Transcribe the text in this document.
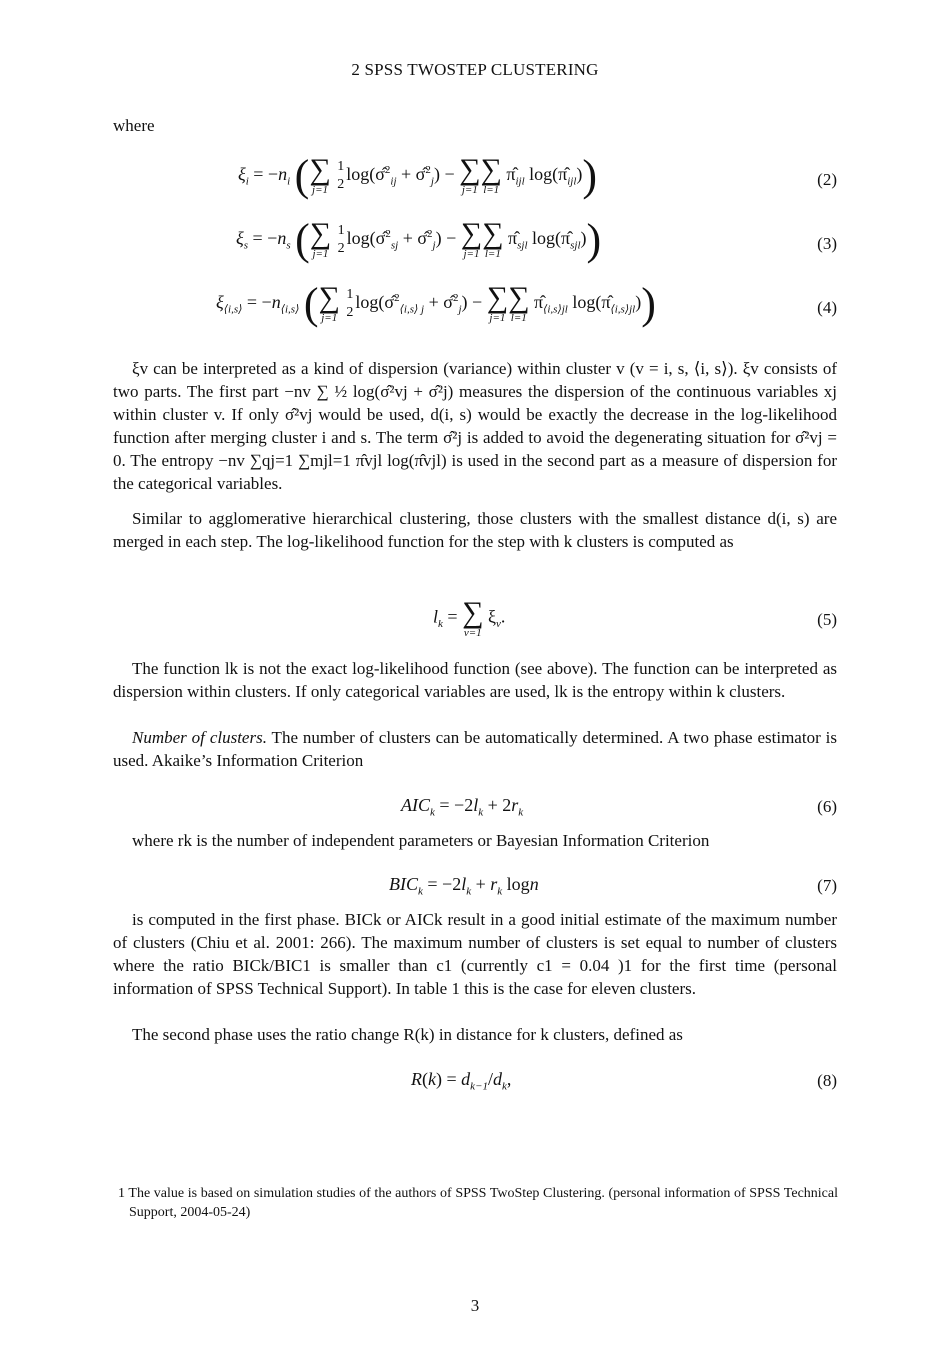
2 SPSS TWOSTEP CLUSTERING
where
$\xi_i = -n_i$ ( ∑
j=1
1
2log(σ̂$^2_{ij}$ + σ̂$^2_j$) − ∑
j=1
∑
l=1
$\pî_{ijl}$ $\log(\pî_{ijl})$)	(2)
$\xi_s = -n_s$ ( ∑
j=1
1
2log(σ̂$^2_{sj}$ + σ̂$^2_j$) − ∑
j=1
∑
l=1
$\pî_{sjl}$ $\log(\pî_{sjl})$)	(3)
$\xi_{⟨i,s⟩} = -n_{⟨i,s⟩}$ ( ∑
j=1
1
2log(σ̂$^2_{⟨i,s⟩ j}$ + σ̂$^2_j$) − ∑
j=1
∑
l=1
$\pî_{⟨i,s⟩jl}$ $\log(\pî_{⟨i,s⟩jl})$)	(4)
ξv can be interpreted as a kind of dispersion (variance) within cluster v (v = i, s, ⟨i, s⟩). ξv consists of two parts. The first part −nv ∑ ½ log(σ̂²vj + σ̂²j) measures the dispersion of the continuous variables xj within cluster v. If only σ̂²vj would be used, d(i, s) would be exactly the decrease in the log-likelihood function after merging cluster i and s. The term σ̂²j is added to avoid the degenerating situation for σ̂²vj = 0. The entropy −nv ∑qj=1 ∑mjl=1 π̂vjl log(π̂vjl) is used in the second part as a measure of dispersion for the categorical variables.
Similar to agglomerative hierarchical clustering, those clusters with the smallest distance d(i, s) are merged in each step. The log-likelihood function for the step with k clusters is computed as
$l_k$ = ∑
v=1
$\xi_v$.	(5)
The function lk is not the exact log-likelihood function (see above). The function can be interpreted as dispersion within clusters. If only categorical variables are used, lk is the entropy within k clusters.
Number of clusters. The number of clusters can be automatically determined. A two phase estimator is used. Akaike’s Information Criterion
$AIC_k = -2l_k + 2r_k$	(6)
where rk is the number of independent parameters or Bayesian Information Criterion
$BIC_k = -2l_k + r_k$ logn	(7)
is computed in the first phase. BICk or AICk result in a good initial estimate of the maximum number of clusters (Chiu et al. 2001: 266). The maximum number of clusters is set equal to number of clusters where the ratio BICk/BIC1 is smaller than c1 (currently c1 = 0.04 )1 for the first time (personal information of SPSS Technical Support). In table 1 this is the case for eleven clusters.
The second phase uses the ratio change R(k) in distance for k clusters, defined as
$R(k) = d_{k-1}/d_k$,	(8)
1 The value is based on simulation studies of the authors of SPSS TwoStep Clustering. (personal information of SPSS Technical Support, 2004-05-24)
3
